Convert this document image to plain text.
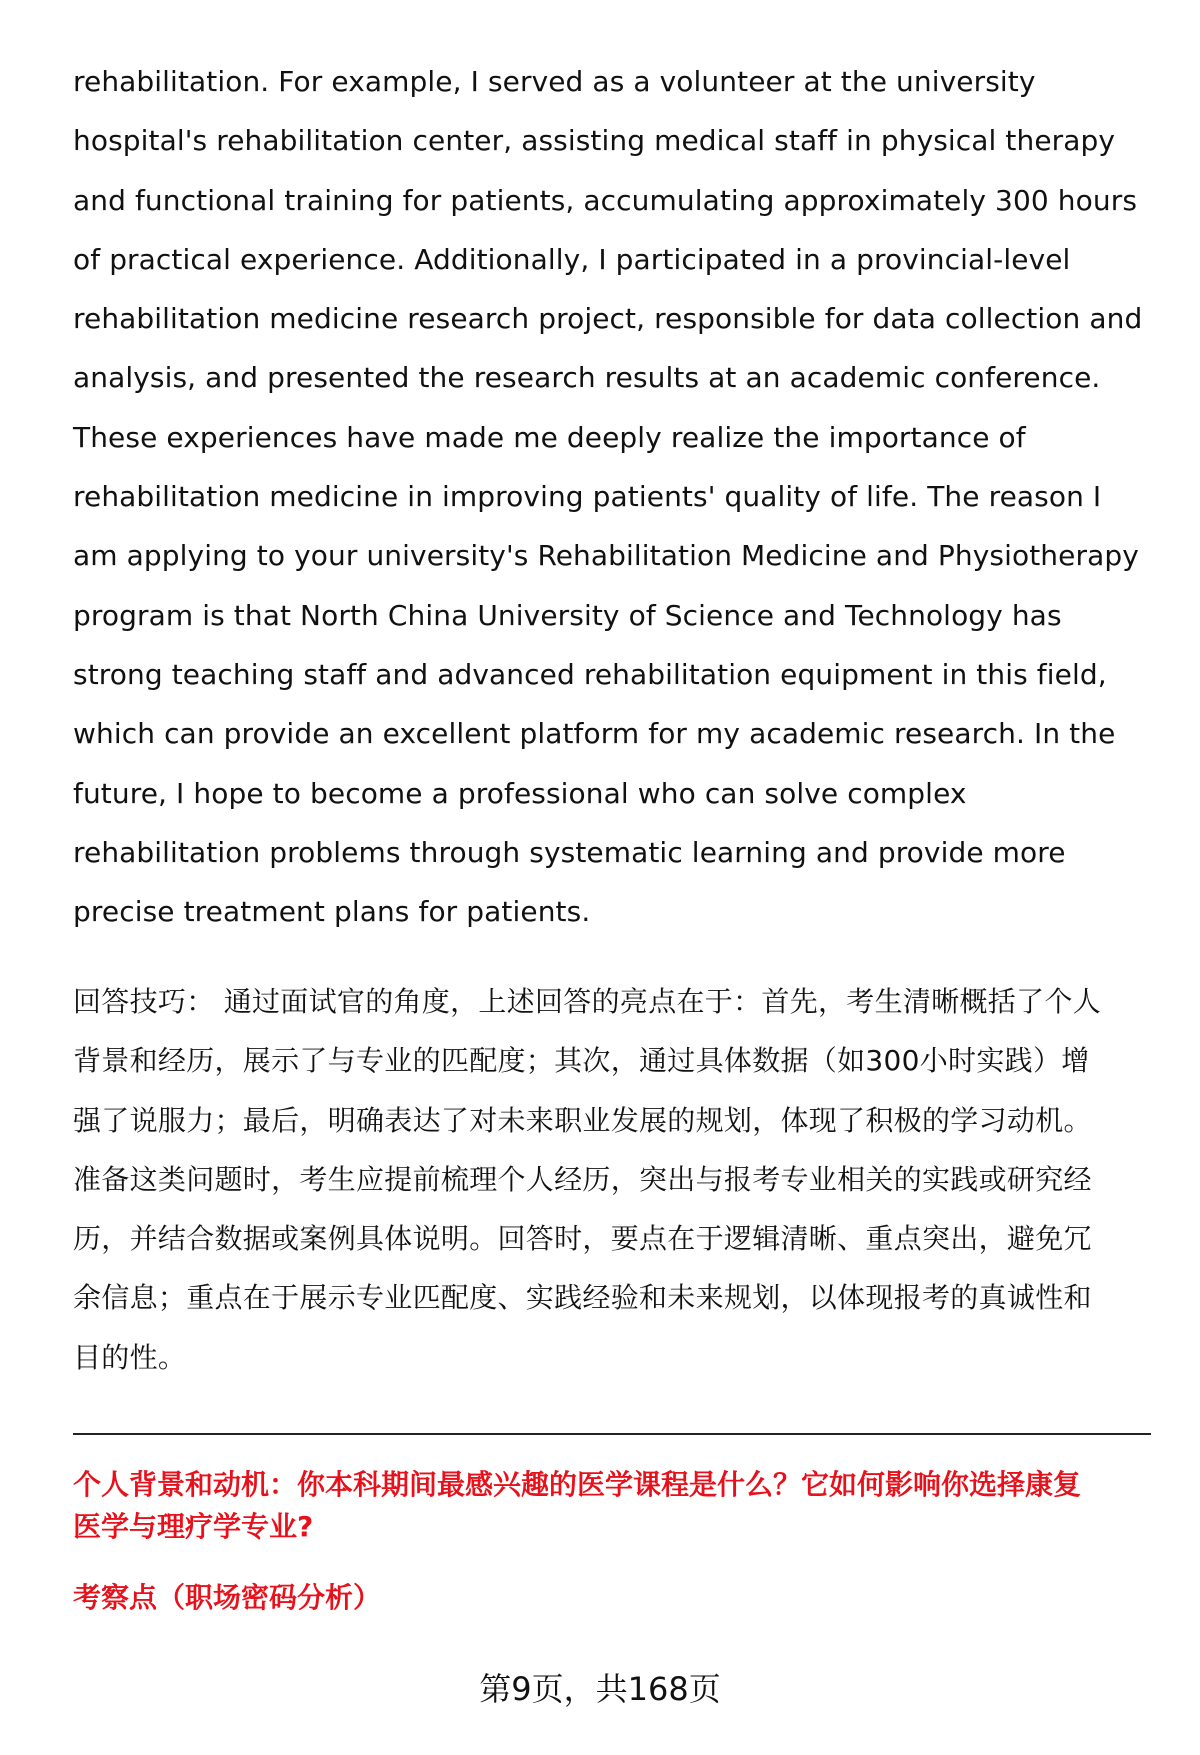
rehabilitation. For example, I served as a volunteer at the university
hospital's rehabilitation center, assisting medical staff in physical therapy
and functional training for patients, accumulating approximately 300 hours
of practical experience. Additionally, I participated in a provincial-level
rehabilitation medicine research project, responsible for data collection and
analysis, and presented the research results at an academic conference.
These experiences have made me deeply realize the importance of
rehabilitation medicine in improving patients' quality of life. The reason I
am applying to your university's Rehabilitation Medicine and Physiotherapy
program is that North China University of Science and Technology has
strong teaching staff and advanced rehabilitation equipment in this field,
which can provide an excellent platform for my academic research. In the
future, I hope to become a professional who can solve complex
rehabilitation problems through systematic learning and provide more
precise treatment plans for patients.
回答技巧： 通过面试官的角度，上述回答的亮点在于：首先，考生清晰概括了个人
背景和经历，展示了与专业的匹配度；其次，通过具体数据（如300小时实践）增
强了说服力；最后，明确表达了对未来职业发展的规划，体现了积极的学习动机。
准备这类问题时，考生应提前梳理个人经历，突出与报考专业相关的实践或研究经
历，并结合数据或案例具体说明。回答时，要点在于逻辑清晰、重点突出，避免冗
余信息；重点在于展示专业匹配度、实践经验和未来规划，以体现报考的真诚性和
目的性。
个人背景和动机：你本科期间最感兴趣的医学课程是什么？它如何影响你选择康复
医学与理疗学专业?
考察点（职场密码分析）
第9页，共168页
